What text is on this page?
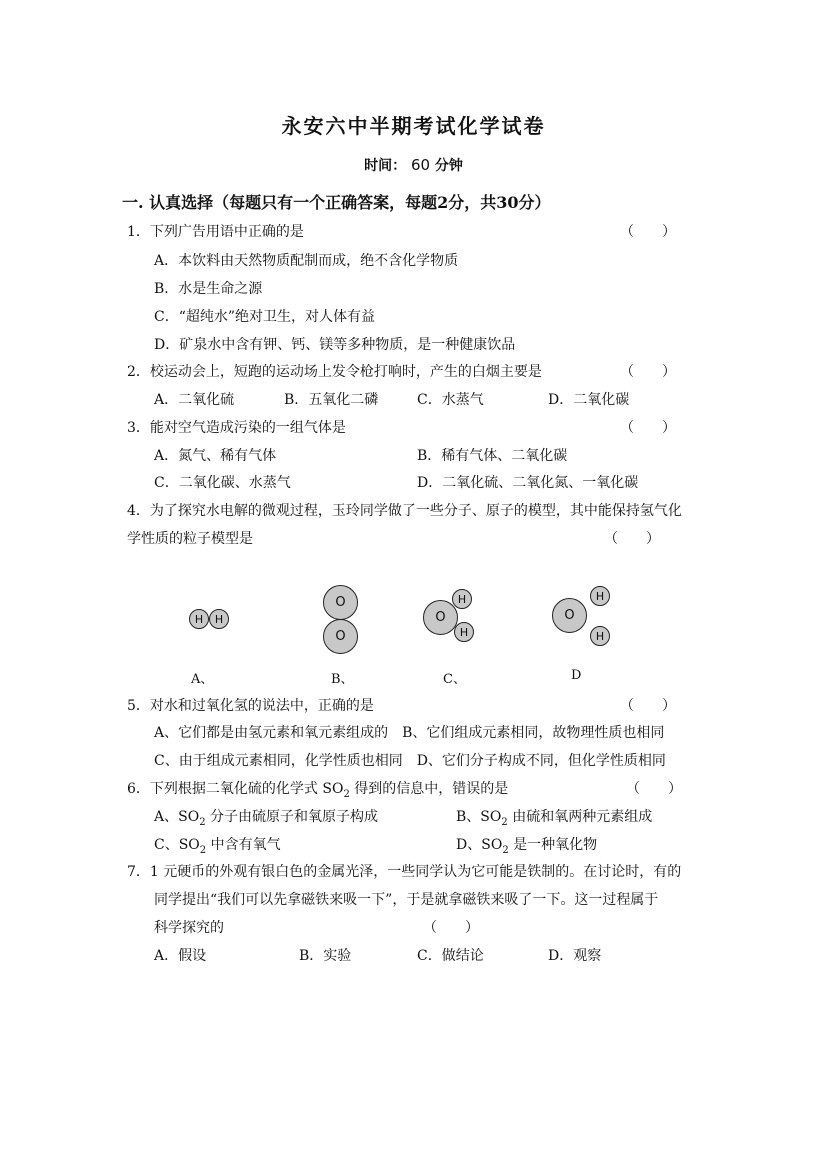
永安六中半期考试化学试卷
时间： 60 分钟
一. 认真选择（每题只有一个正确答案，每题2分，共30分）
1．下列广告用语中正确的是	（　　）
A．本饮料由天然物质配制而成，绝不含化学物质
B．水是生命之源
C．“超纯水”绝对卫生，对人体有益
D．矿泉水中含有钾、钙、镁等多种物质，是一种健康饮品
2．校运动会上，短跑的运动场上发令枪打响时，产生的白烟主要是	（　　）
A．二氧化硫	B．五氧化二磷	C．水蒸气	D．二氧化碳
3．能对空气造成污染的一组气体是	（　　）
A．氮气、稀有气体	B．稀有气体、二氧化碳
C．二氧化碳、水蒸气	D．二氧化硫、二氧化氮、一氧化碳
4．为了探究水电解的微观过程，玉玲同学做了一些分子、原子的模型，其中能保持氢气化
学性质的粒子模型是	（　　）
H	H
O
O
O
H
H
O
H
H
A、	B、	C、	D
5．对水和过氧化氢的说法中，正确的是	（　　）
A、它们都是由氢元素和氧元素组成的　B、它们组成元素相同，故物理性质也相同
C、由于组成元素相同，化学性质也相同　D、它们分子构成不同，但化学性质相同
6．下列根据二氧化硫的化学式 $SO_2$ 得到的信息中，错误的是	（　　）
A、$SO_2$ 分子由硫原子和氧原子构成	B、$SO_2$ 由硫和氧两种元素组成
C、$SO_2$ 中含有氧气	D、$SO_2$ 是一种氧化物
7．1 元硬币的外观有银白色的金属光泽，一些同学认为它可能是铁制的。在讨论时，有的
同学提出“我们可以先拿磁铁来吸一下”，于是就拿磁铁来吸了一下。这一过程属于
科学探究的	（　　）
A．假设	B．实验	C．做结论	D．观察
